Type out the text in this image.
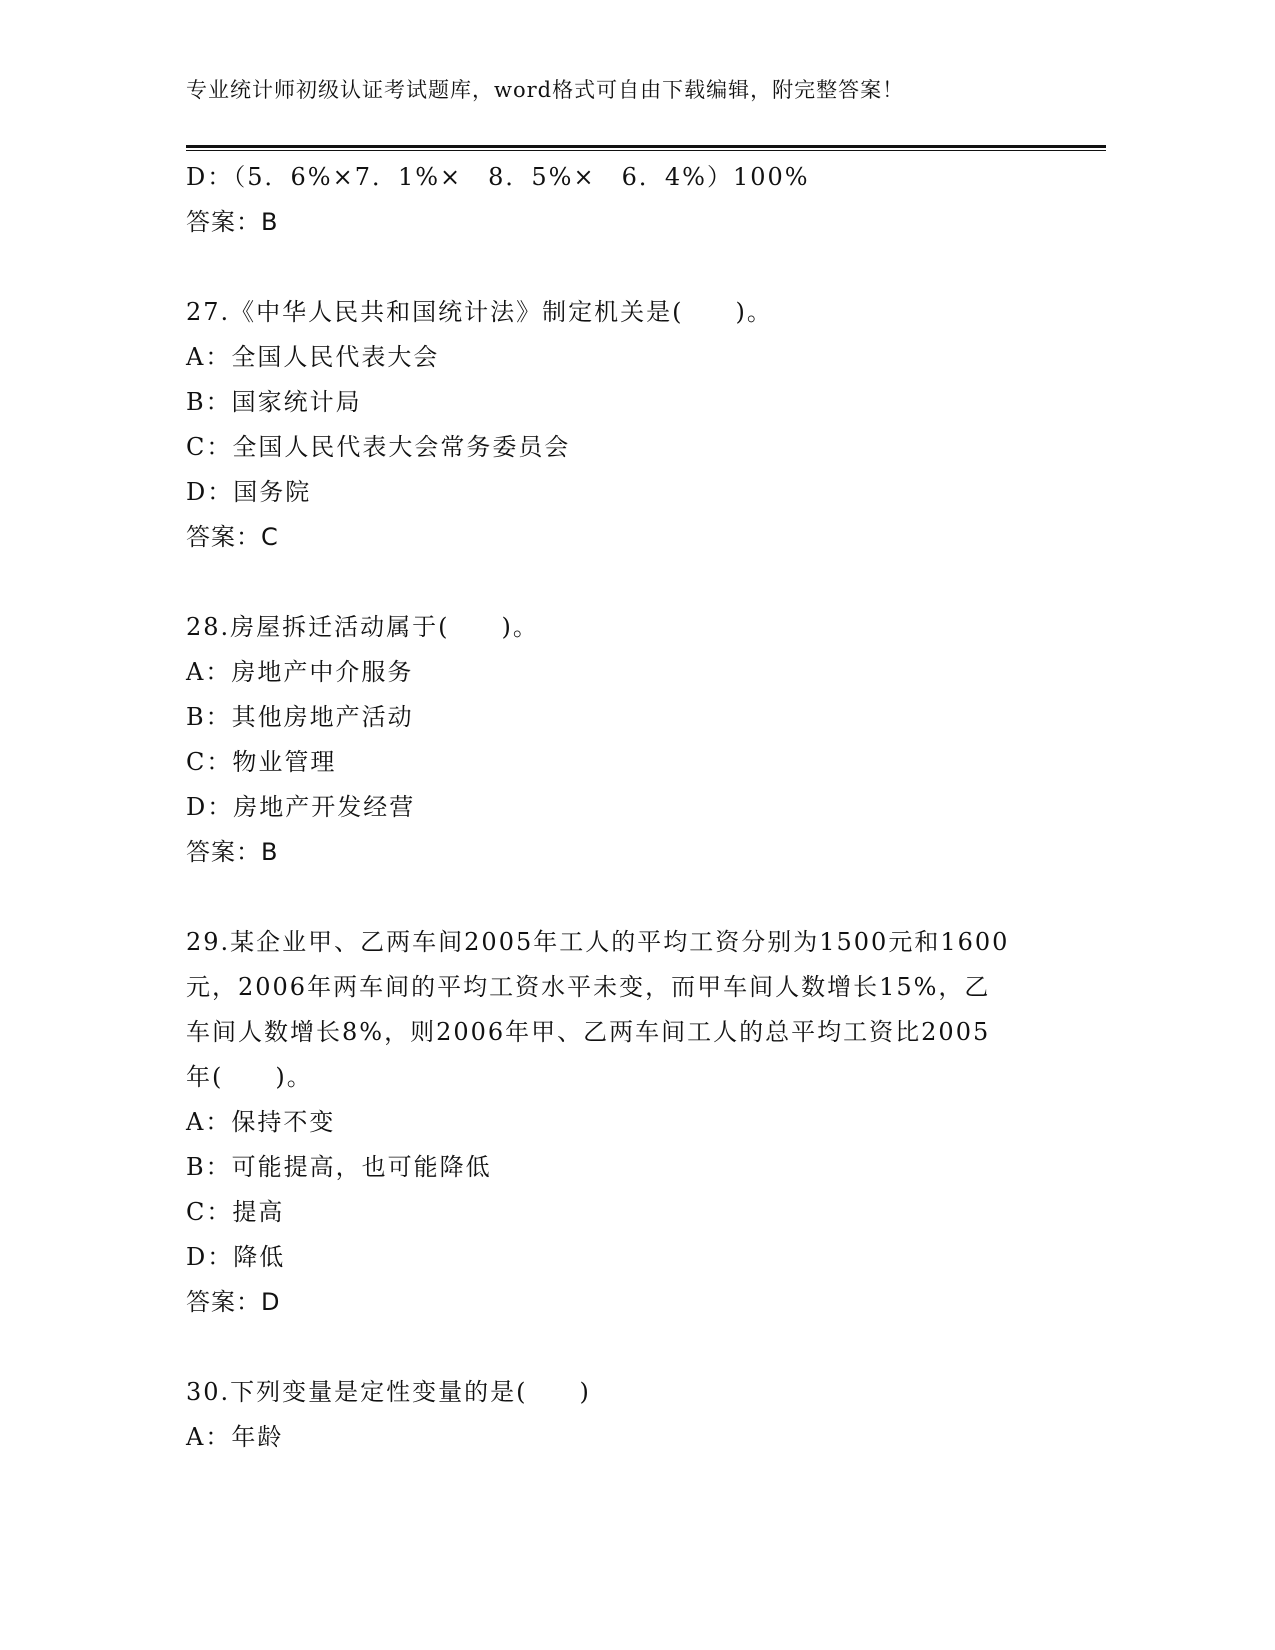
专业统计师初级认证考试题库，word格式可自由下载编辑，附完整答案！
D：（5．6%×7．1%×　8．5%×　6．4%）100%
答案：B
27.《中华人民共和国统计法》制定机关是(　　)。
A：全国人民代表大会
B：国家统计局
C：全国人民代表大会常务委员会
D：国务院
答案：C
28.房屋拆迁活动属于(　　)。
A：房地产中介服务
B：其他房地产活动
C：物业管理
D：房地产开发经营
答案：B
29.某企业甲、乙两车间2005年工人的平均工资分别为1500元和1600
元，2006年两车间的平均工资水平未变，而甲车间人数增长15%，乙
车间人数增长8%，则2006年甲、乙两车间工人的总平均工资比2005
年(　　)。
A：保持不变
B：可能提高，也可能降低
C：提高
D：降低
答案：D
30.下列变量是定性变量的是(　　)
A：年龄
